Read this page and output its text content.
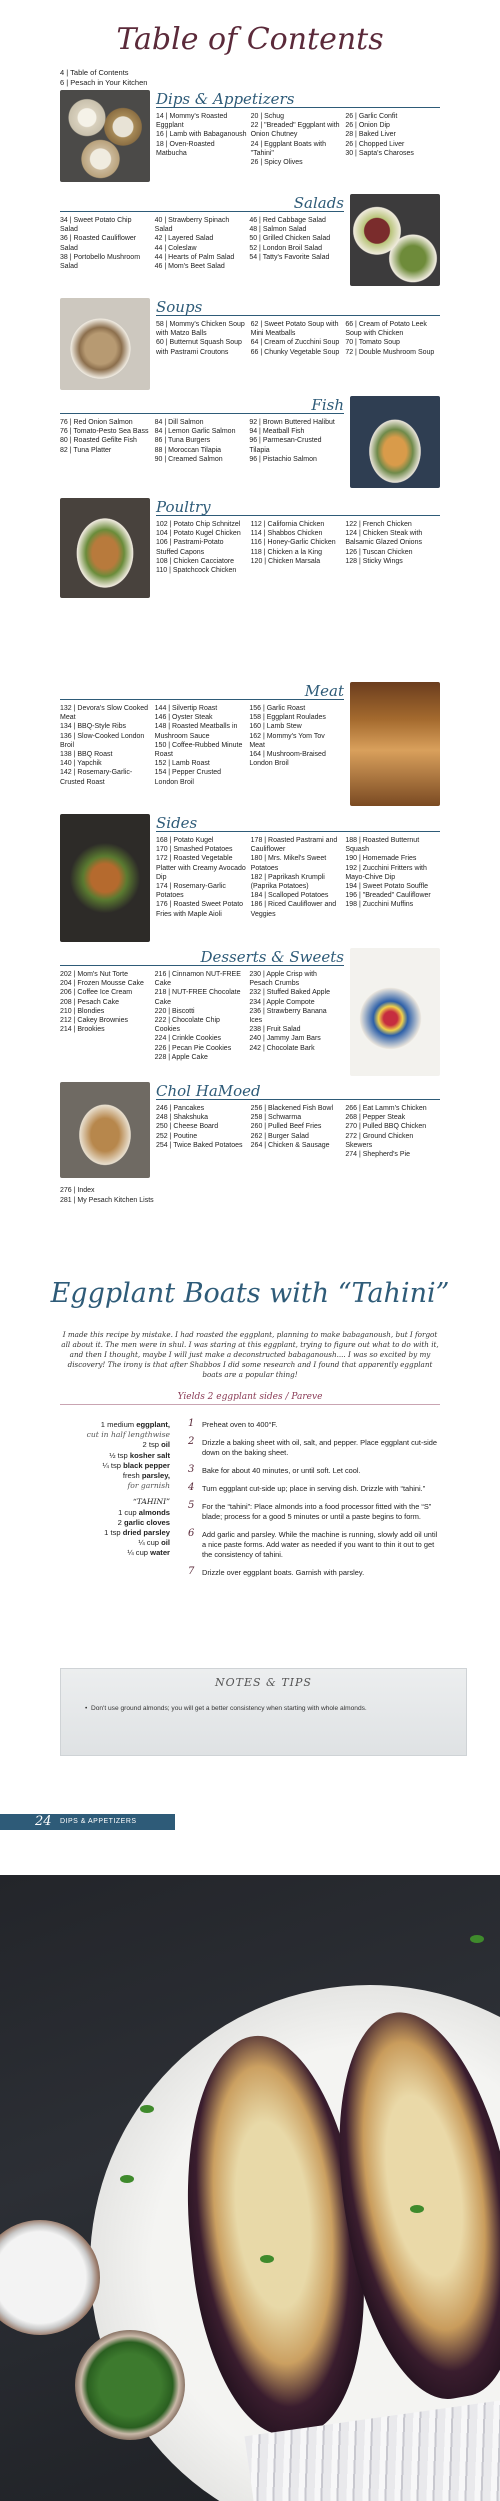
Table of Contents
4 | Table of Contents
6 | Pesach in Your Kitchen
Dips & Appetizers
14 | Mommy's Roasted Eggplant
16 | Lamb with Babaganoush
18 | Oven-Roasted Matbucha
20 | Schug
22 | "Breaded" Eggplant with Onion Chutney
24 | Eggplant Boats with "Tahini"
26 | Spicy Olives
26 | Garlic Confit
26 | Onion Dip
28 | Baked Liver
26 | Chopped Liver
30 | Sapta's Charoses
Salads
34 | Sweet Potato Chip Salad
36 | Roasted Cauliflower Salad
38 | Portobello Mushroom Salad
40 | Strawberry Spinach Salad
42 | Layered Salad
44 | Coleslaw
44 | Hearts of Palm Salad
46 | Mom's Beet Salad
46 | Red Cabbage Salad
48 | Salmon Salad
50 | Grilled Chicken Salad
52 | London Broil Salad
54 | Tatty's Favorite Salad
Soups
58 | Mommy's Chicken Soup with Matzo Balls
60 | Butternut Squash Soup with Pastrami Croutons
62 | Sweet Potato Soup with Mini Meatballs
64 | Cream of Zucchini Soup
66 | Chunky Vegetable Soup
66 | Cream of Potato Leek Soup with Chicken
70 | Tomato Soup
72 | Double Mushroom Soup
Fish
76 | Red Onion Salmon
76 | Tomato-Pesto Sea Bass
80 | Roasted Gefilte Fish
82 | Tuna Platter
84 | Dill Salmon
84 | Lemon Garlic Salmon
86 | Tuna Burgers
88 | Moroccan Tilapia
90 | Creamed Salmon
92 | Brown Buttered Halibut
94 | Meatball Fish
96 | Parmesan-Crusted Tilapia
96 | Pistachio Salmon
Poultry
102 | Potato Chip Schnitzel
104 | Potato Kugel Chicken
106 | Pastrami-Potato Stuffed Capons
108 | Chicken Cacciatore
110 | Spatchcock Chicken
112 | California Chicken
114 | Shabbos Chicken
116 | Honey-Garlic Chicken
118 | Chicken a la King
120 | Chicken Marsala
122 | French Chicken
124 | Chicken Steak with Balsamic Glazed Onions
126 | Tuscan Chicken
128 | Sticky Wings
Meat
132 | Devora's Slow Cooked Meat
134 | BBQ-Style Ribs
136 | Slow-Cooked London Broil
138 | BBQ Roast
140 | Yapchik
142 | Rosemary-Garlic-Crusted Roast
144 | Silvertip Roast
146 | Oyster Steak
148 | Roasted Meatballs in Mushroom Sauce
150 | Coffee-Rubbed Minute Roast
152 | Lamb Roast
154 | Pepper Crusted London Broil
156 | Garlic Roast
158 | Eggplant Roulades
160 | Lamb Stew
162 | Mommy's Yom Tov Meat
164 | Mushroom-Braised London Broil
Sides
168 | Potato Kugel
170 | Smashed Potatoes
172 | Roasted Vegetable Platter with Creamy Avocado Dip
174 | Rosemary-Garlic Potatoes
176 | Roasted Sweet Potato Fries with Maple Aioli
178 | Roasted Pastrami and Cauliflower
180 | Mrs. Mikel's Sweet Potatoes
182 | Paprikash Krumpli (Paprika Potatoes)
184 | Scalloped Potatoes
186 | Riced Cauliflower and Veggies
188 | Roasted Butternut Squash
190 | Homemade Fries
192 | Zucchini Fritters with Mayo-Chive Dip
194 | Sweet Potato Souffle
196 | "Breaded" Cauliflower
198 | Zucchini Muffins
Desserts & Sweets
202 | Mom's Nut Torte
204 | Frozen Mousse Cake
206 | Coffee Ice Cream
208 | Pesach Cake
210 | Blondies
212 | Cakey Brownies
214 | Brookies
216 | Cinnamon NUT-FREE Cake
218 | NUT-FREE Chocolate Cake
220 | Biscotti
222 | Chocolate Chip Cookies
224 | Crinkle Cookies
226 | Pecan Pie Cookies
228 | Apple Cake
230 | Apple Crisp with Pesach Crumbs
232 | Stuffed Baked Apple
234 | Apple Compote
236 | Strawberry Banana Ices
238 | Fruit Salad
240 | Jammy Jam Bars
242 | Chocolate Bark
Chol HaMoed
246 | Pancakes
248 | Shakshuka
250 | Cheese Board
252 | Poutine
254 | Twice Baked Potatoes
256 | Blackened Fish Bowl
258 | Schwarma
260 | Pulled Beef Fries
262 | Burger Salad
264 | Chicken & Sausage
266 | Eat Lamm's Chicken
268 | Pepper Steak
270 | Pulled BBQ Chicken
272 | Ground Chicken Skewers
274 | Shepherd's Pie
276 | Index
281 | My Pesach Kitchen Lists
Eggplant Boats with “Tahini”
I made this recipe by mistake. I had roasted the eggplant, planning to make babaganoush, but I forgot all about it. The men were in shul. I was staring at this eggplant, trying to figure out what to do with it, and then I thought, maybe I will just make a deconstructed babaganoush.... I was so excited by my discovery! The irony is that after Shabbos I did some research and I found that apparently eggplant boats are a popular thing!
Yields 2 eggplant sides / Pareve
1 medium eggplant,
cut in half lengthwise
2 tsp oil
½ tsp kosher salt
¼ tsp black pepper
fresh parsley,
for garnish
“TAHINI”
1 cup almonds
2 garlic cloves
1 tsp dried parsley
¼ cup oil
¼ cup water
1 Preheat oven to 400°F.
2 Drizzle a baking sheet with oil, salt, and pepper. Place eggplant cut-side down on the baking sheet.
3 Bake for about 40 minutes, or until soft. Let cool.
4 Turn eggplant cut-side up; place in serving dish. Drizzle with “tahini.”
5 For the “tahini”: Place almonds into a food processor fitted with the “S” blade; process for a good 5 minutes or until a paste begins to form.
6 Add garlic and parsley. While the machine is running, slowly add oil until a nice paste forms. Add water as needed if you want to thin it out to get the consistency of tahini.
7 Drizzle over eggplant boats. Garnish with parsley.
NOTES & TIPS
•  Don't use ground almonds; you will get a better consistency when starting with whole almonds.
24 DIPS & APPETIZERS
